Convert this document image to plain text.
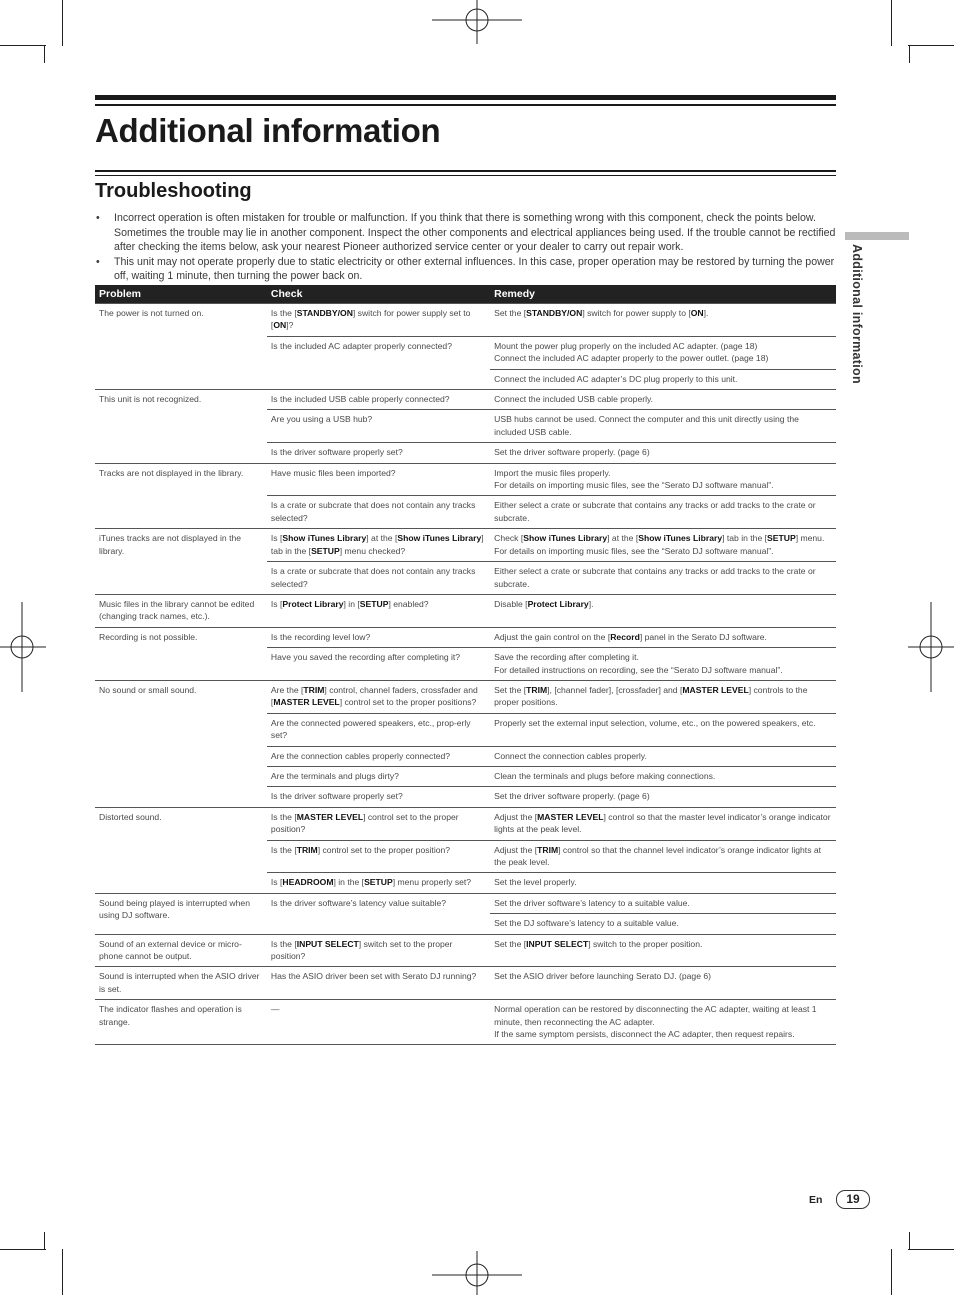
Additional information
Troubleshooting
•	Incorrect operation is often mistaken for trouble or malfunction. If you think that there is something wrong with this component, check the points below. Sometimes the trouble may lie in another component. Inspect the other components and electrical appliances being used. If the trouble cannot be rectified after checking the items below, ask your nearest Pioneer authorized service center or your dealer to carry out repair work.
•	This unit may not operate properly due to static electricity or other external influences. In this case, proper operation may be restored by turning the power off, waiting 1 minute, then turning the power back on.	Additional information
Problem	Check	Remedy
The power is not turned on.	Is the [STANDBY/ON] switch for power supply set to [ON]?	Set the [STANDBY/ON] switch for power supply to [ON].
	Is the included AC adapter properly connected?	Mount the power plug properly on the included AC adapter. (page 18)
Connect the included AC adapter properly to the power outlet. (page 18)
		Connect the included AC adapter’s DC plug properly to this unit.
This unit is not recognized.	Is the included USB cable properly connected?	Connect the included USB cable properly.
	Are you using a USB hub?	USB hubs cannot be used. Connect the computer and this unit directly using the included USB cable.
	Is the driver software properly set?	Set the driver software properly. (page 6)
Tracks are not displayed in the library.	Have music files been imported?	Import the music files properly.
For details on importing music files, see the “Serato DJ software manual”.
	Is a crate or subcrate that does not contain any tracks selected?	Either select a crate or subcrate that contains any tracks or add tracks to the crate or subcrate.
iTunes tracks are not displayed in the library.	Is [Show iTunes Library] at the [Show iTunes Library] tab in the [SETUP] menu checked?	Check [Show iTunes Library] at the [Show iTunes Library] tab in the [SETUP] menu.
For details on importing music files, see the “Serato DJ software manual”.
	Is a crate or subcrate that does not contain any tracks selected?	Either select a crate or subcrate that contains any tracks or add tracks to the crate or subcrate.
Music files in the library cannot be edited (changing track names, etc.).	Is [Protect Library] in [SETUP] enabled?	Disable [Protect Library].
Recording is not possible.	Is the recording level low?	Adjust the gain control on the [Record] panel in the Serato DJ software.
	Have you saved the recording after completing it?	Save the recording after completing it.
For detailed instructions on recording, see the “Serato DJ software manual”.
No sound or small sound.	Are the [TRIM] control, channel faders, crossfader and [MASTER LEVEL] control set to the proper positions?	Set the [TRIM], [channel fader], [crossfader] and [MASTER LEVEL] controls to the proper positions.
	Are the connected powered speakers, etc., prop-erly set?	Properly set the external input selection, volume, etc., on the powered speakers, etc.
	Are the connection cables properly connected?	Connect the connection cables properly.
	Are the terminals and plugs dirty?	Clean the terminals and plugs before making connections.
	Is the driver software properly set?	Set the driver software properly. (page 6)
Distorted sound.	Is the [MASTER LEVEL] control set to the proper position?	Adjust the [MASTER LEVEL] control so that the master level indicator’s orange indicator lights at the peak level.
	Is the [TRIM] control set to the proper position?	Adjust the [TRIM] control so that the channel level indicator’s orange indicator lights at the peak level.
	Is [HEADROOM] in the [SETUP] menu properly set?	Set the level properly.
Sound being played is interrupted when using DJ software.	Is the driver software’s latency value suitable?	Set the driver software’s latency to a suitable value.
		Set the DJ software’s latency to a suitable value.
Sound of an external device or micro-phone cannot be output.	Is the [INPUT SELECT] switch set to the proper position?	Set the [INPUT SELECT] switch to the proper position.
Sound is interrupted when the ASIO driver is set.	Has the ASIO driver been set with Serato DJ running?	Set the ASIO driver before launching Serato DJ. (page 6)
The indicator flashes and operation is strange.	—	Normal operation can be restored by disconnecting the AC adapter, waiting at least 1 minute, then reconnecting the AC adapter.
If the same symptom persists, disconnect the AC adapter, then request repairs.
En	19
